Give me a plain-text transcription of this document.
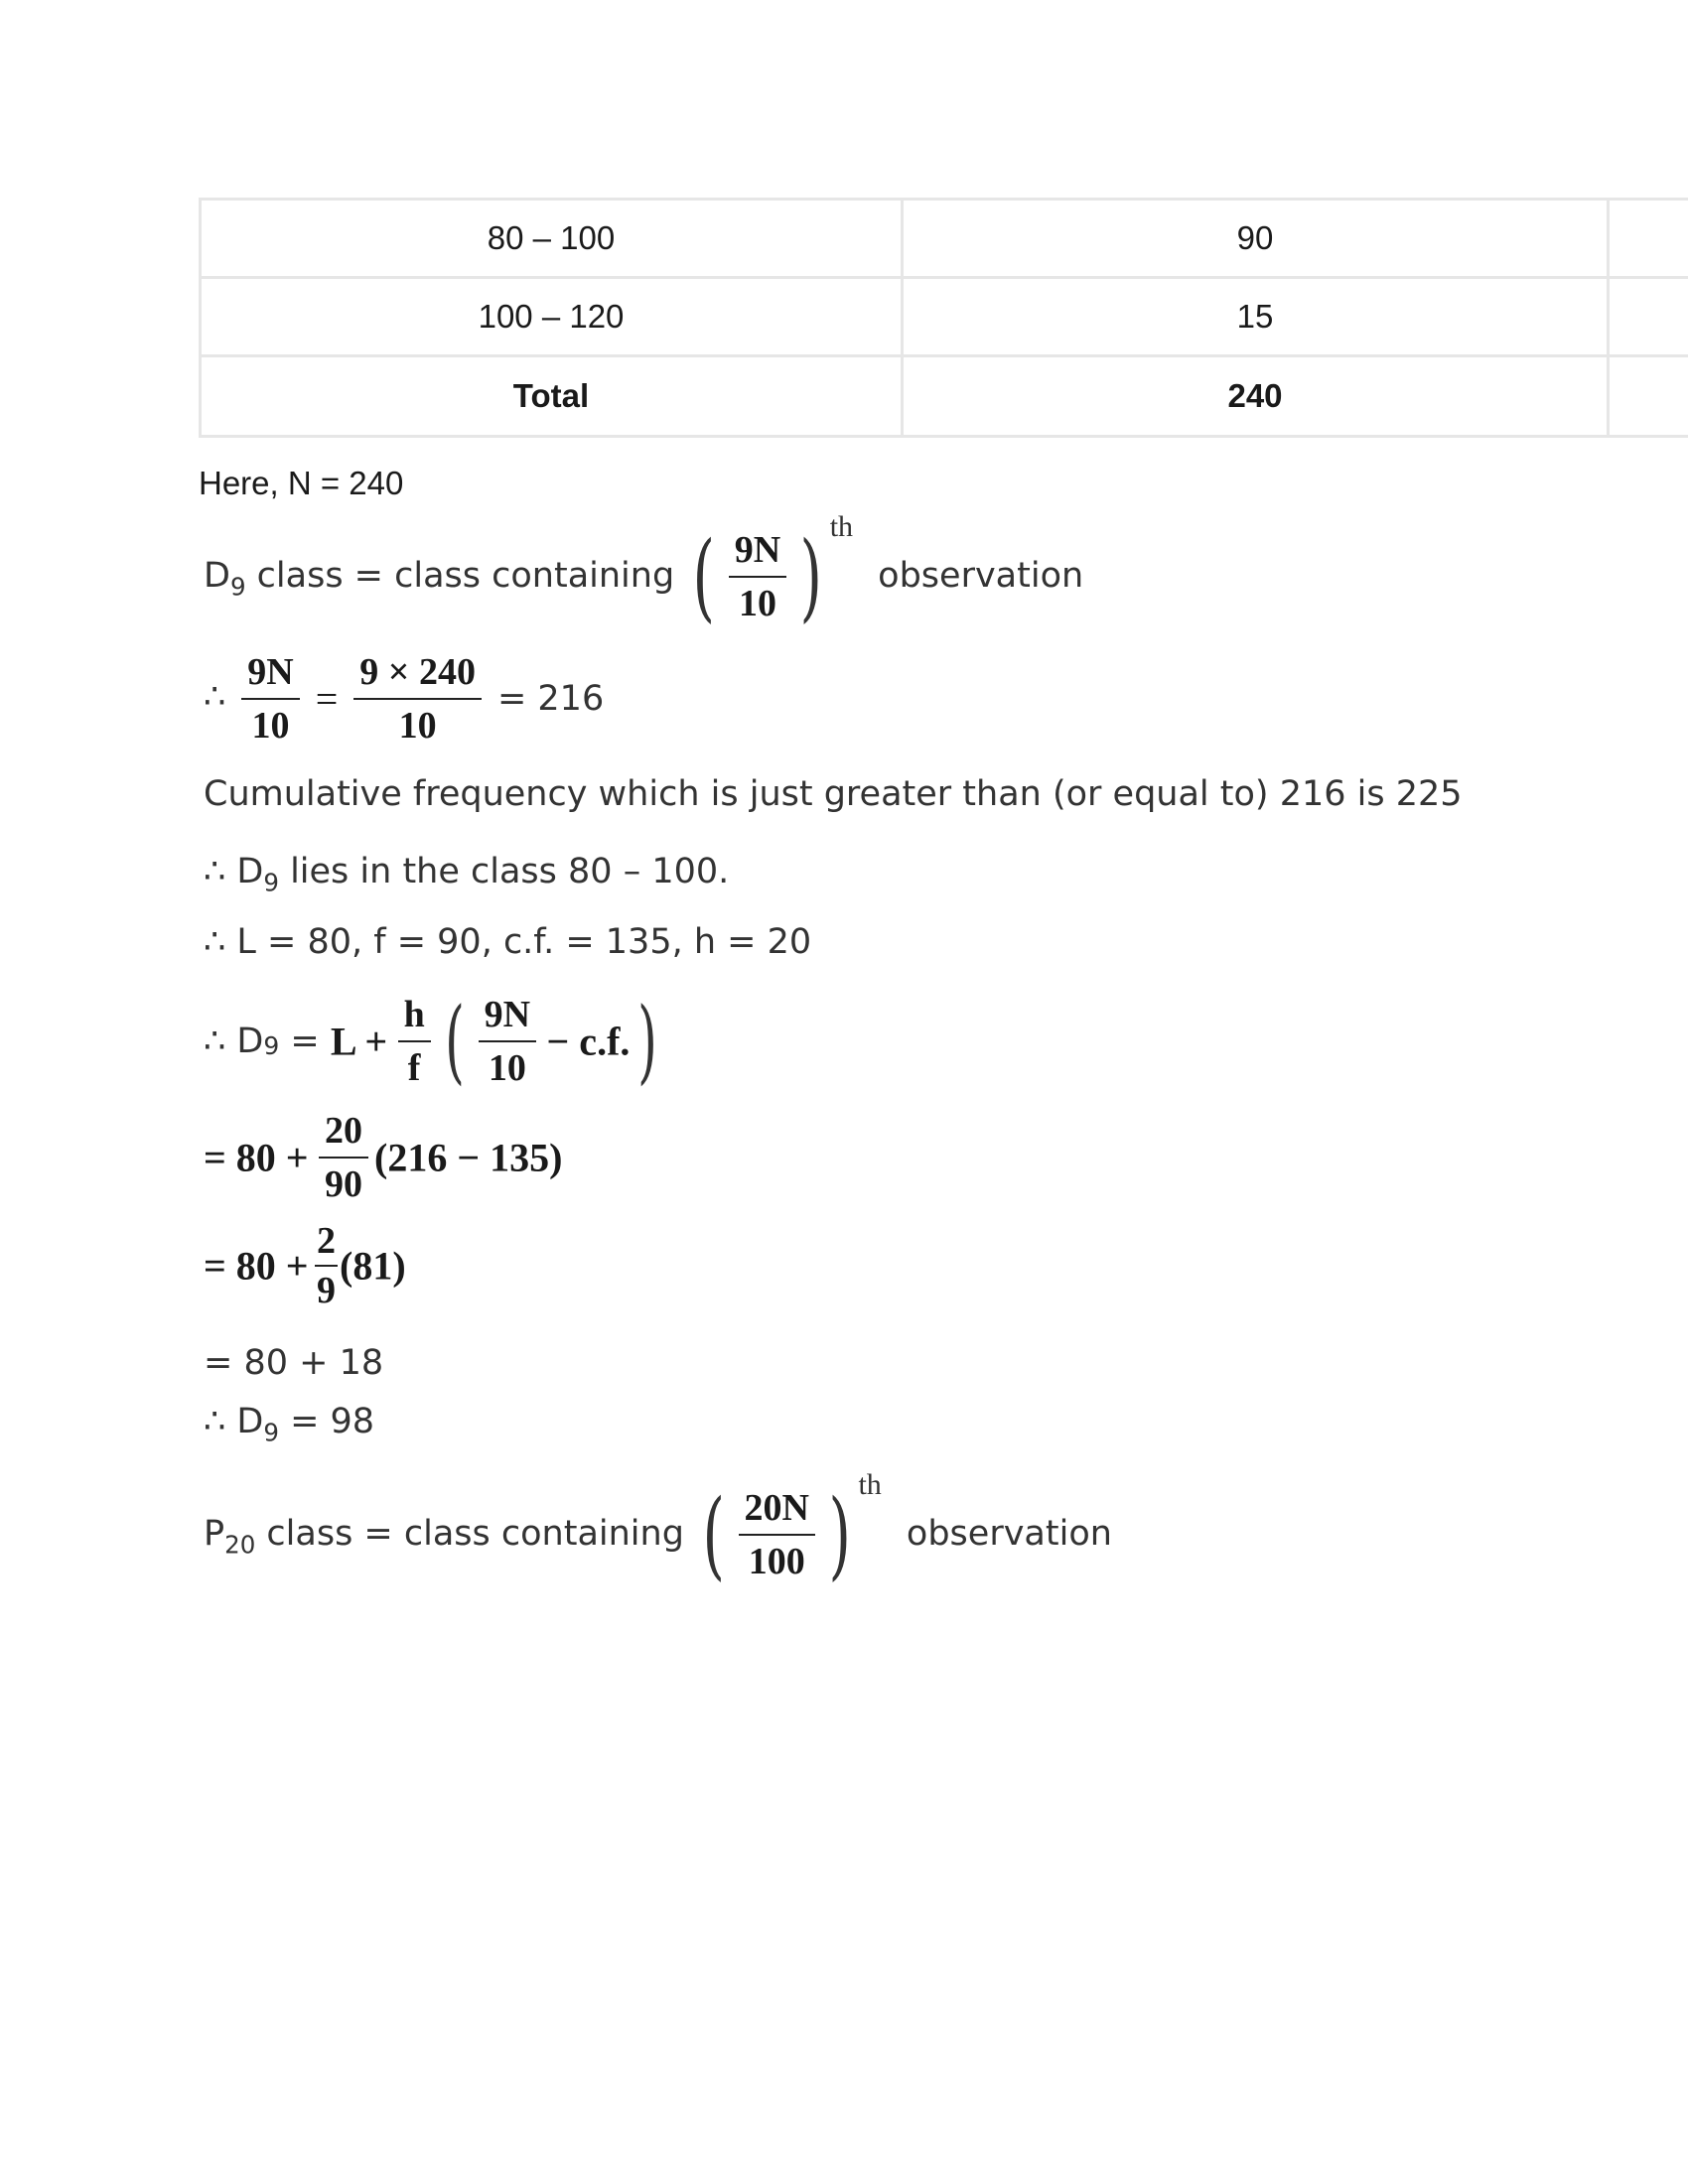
80 – 100	90	
100 – 120	15	
Total	240	
Here, N = 240
$D_9$ class = class containing ( $\frac{9N}{10}$ ) th observation
∴ $\frac{9N}{10} = \frac{9 \times 240}{10} = 216$
Cumulative frequency which is just greater than (or equal to) 216 is 225
∴ $D_9$ lies in the class 80 – 100.
∴ L = 80, f = 90, c.f. = 135, h = 20
∴ $D_9 = L + \frac{h}{f}$ ( $\frac{9N}{10} - c.f$.)
= $80 + \frac{20}{90} (216 - 135)$
= $80 + \frac{2}{9} (81)$
= 80 + 18
∴ $D_9 = 98$
$P_{20}$ class = class containing ( $\frac{20N}{100}$ ) th observation
